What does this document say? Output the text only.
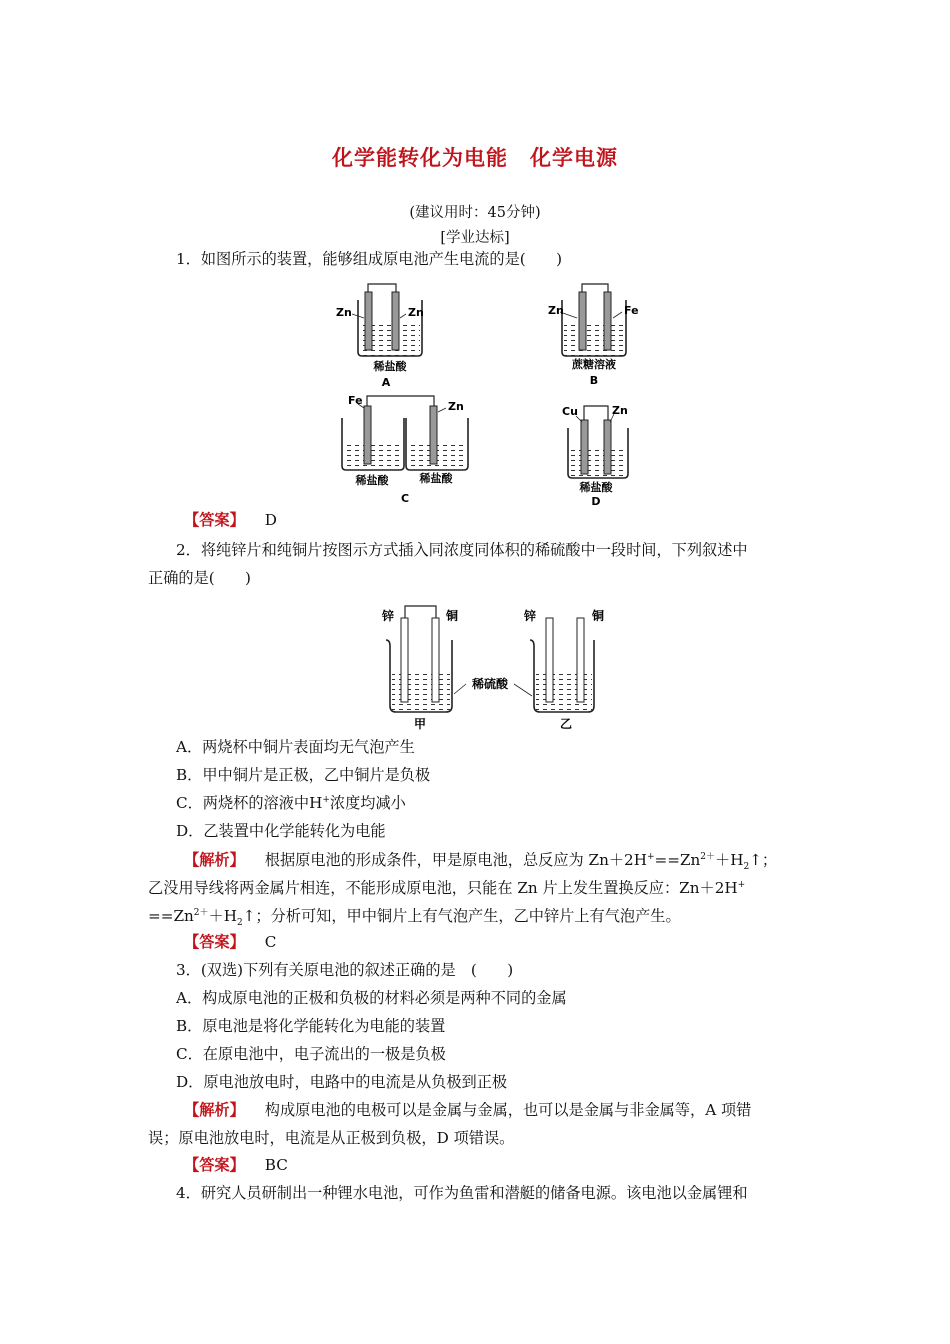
化学能转化为电能　化学电源
(建议用时：45分钟)
[学业达标]
1．如图所示的装置，能够组成原电池产生电流的是(　　)
Zn	Zn
稀盐酸
A
Zn	Fe
蔗糖溶液
B
Fe	Zn
稀盐酸	稀盐酸
C
Cu	Zn
稀盐酸
D
【答案】 D
2．将纯锌片和纯铜片按图示方式插入同浓度同体积的稀硫酸中一段时间，下列叙述中
正确的是(　　)
锌	铜
甲
稀硫酸
锌	铜
乙
A．两烧杯中铜片表面均无气泡产生
B．甲中铜片是正极，乙中铜片是负极
C．两烧杯的溶液中H+浓度均减小
D．乙装置中化学能转化为电能
【解析】 根据原电池的形成条件，甲是原电池，总反应为 $Zn+2H^+==Zn^{2+}+H_2↑$；
乙没用导线将两金属片相连，不能形成原电池，只能在 Zn 片上发生置换反应：Zn＋2H+
$==Zn^{2+}+H_2↑$；分析可知，甲中铜片上有气泡产生，乙中锌片上有气泡产生。
【答案】 C
3．(双选)下列有关原电池的叙述正确的是　(　　)
A．构成原电池的正极和负极的材料必须是两种不同的金属
B．原电池是将化学能转化为电能的装置
C．在原电池中，电子流出的一极是负极
D．原电池放电时，电路中的电流是从负极到正极
【解析】 构成原电池的电极可以是金属与金属，也可以是金属与非金属等，A 项错
误；原电池放电时，电流是从正极到负极，D 项错误。
【答案】 BC
4．研究人员研制出一种锂水电池，可作为鱼雷和潜艇的储备电源。该电池以金属锂和
